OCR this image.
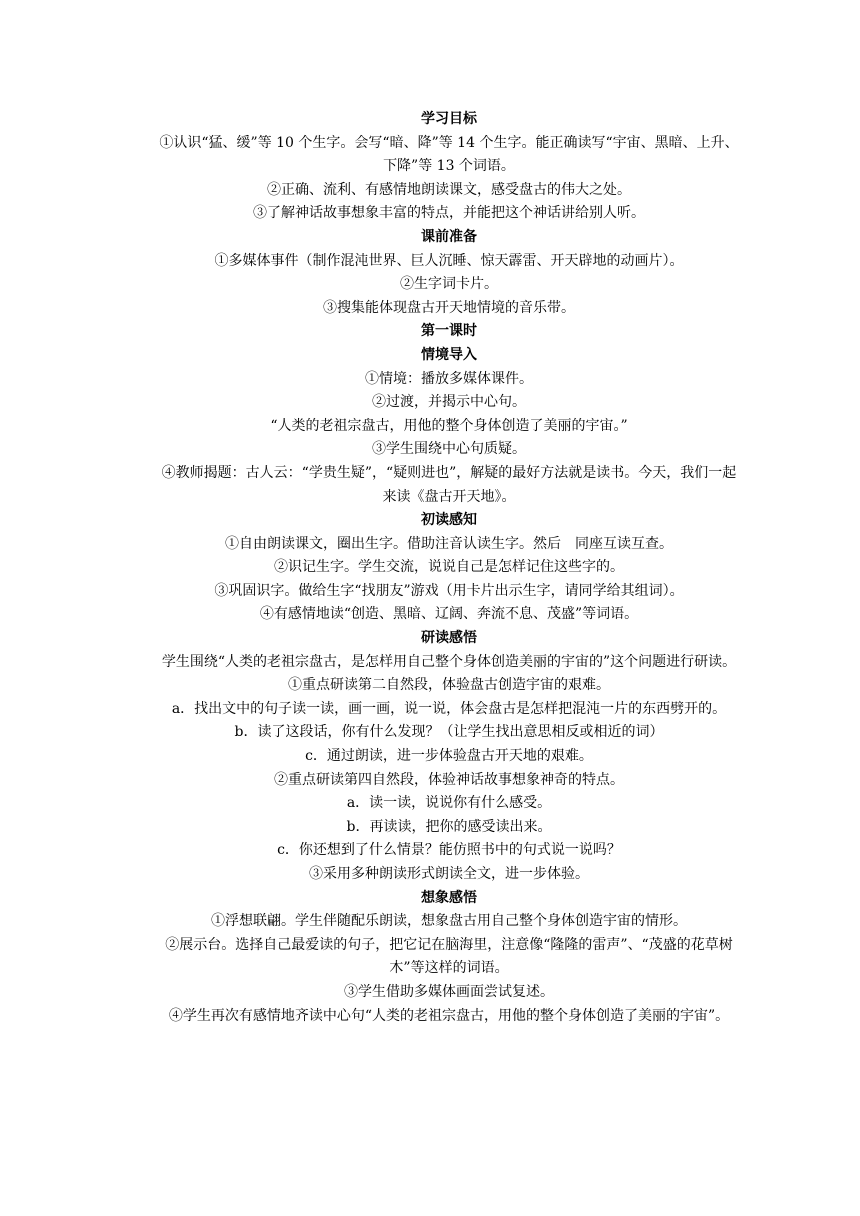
学习目标
①认识“猛、缓”等 10 个生字。会写“暗、降”等 14 个生字。能正确读写“宇宙、黑暗、上升、下降”等 13 个词语。
②正确、流利、有感情地朗读课文，感受盘古的伟大之处。
③了解神话故事想象丰富的特点，并能把这个神话讲给别人听。
课前准备
①多媒体事件（制作混沌世界、巨人沉睡、惊天霹雷、开天辟地的动画片）。
②生字词卡片。
③搜集能体现盘古开天地情境的音乐带。
第一课时
情境导入
①情境：播放多媒体课件。
②过渡，并揭示中心句。
“人类的老祖宗盘古，用他的整个身体创造了美丽的宇宙。”
③学生围绕中心句质疑。
④教师揭题：古人云：“学贵生疑”，“疑则进也”，解疑的最好方法就是读书。今天，我们一起来读《盘古开天地》。
初读感知
①自由朗读课文，圈出生字。借助注音认读生字。然后　同座互读互查。
②识记生字。学生交流，说说自己是怎样记住这些字的。
③巩固识字。做给生字“找朋友”游戏（用卡片出示生字，请同学给其组词）。
④有感情地读“创造、黑暗、辽阔、奔流不息、茂盛”等词语。
研读感悟
学生围绕“人类的老祖宗盘古，是怎样用自己整个身体创造美丽的宇宙的”这个问题进行研读。
①重点研读第二自然段，体验盘古创造宇宙的艰难。
a．找出文中的句子读一读，画一画，说一说，体会盘古是怎样把混沌一片的东西劈开的。
b．读了这段话，你有什么发现？（让学生找出意思相反或相近的词）
c．通过朗读，进一步体验盘古开天地的艰难。
②重点研读第四自然段，体验神话故事想象神奇的特点。
a．读一读，说说你有什么感受。
b．再读读，把你的感受读出来。
c．你还想到了什么情景？能仿照书中的句式说一说吗？
③采用多种朗读形式朗读全文，进一步体验。
想象感悟
①浮想联翩。学生伴随配乐朗读，想象盘古用自己整个身体创造宇宙的情形。
②展示台。选择自己最爱读的句子，把它记在脑海里，注意像“隆隆的雷声”、“茂盛的花草树木”等这样的词语。
③学生借助多媒体画面尝试复述。
④学生再次有感情地齐读中心句“人类的老祖宗盘古，用他的整个身体创造了美丽的宇宙”。
